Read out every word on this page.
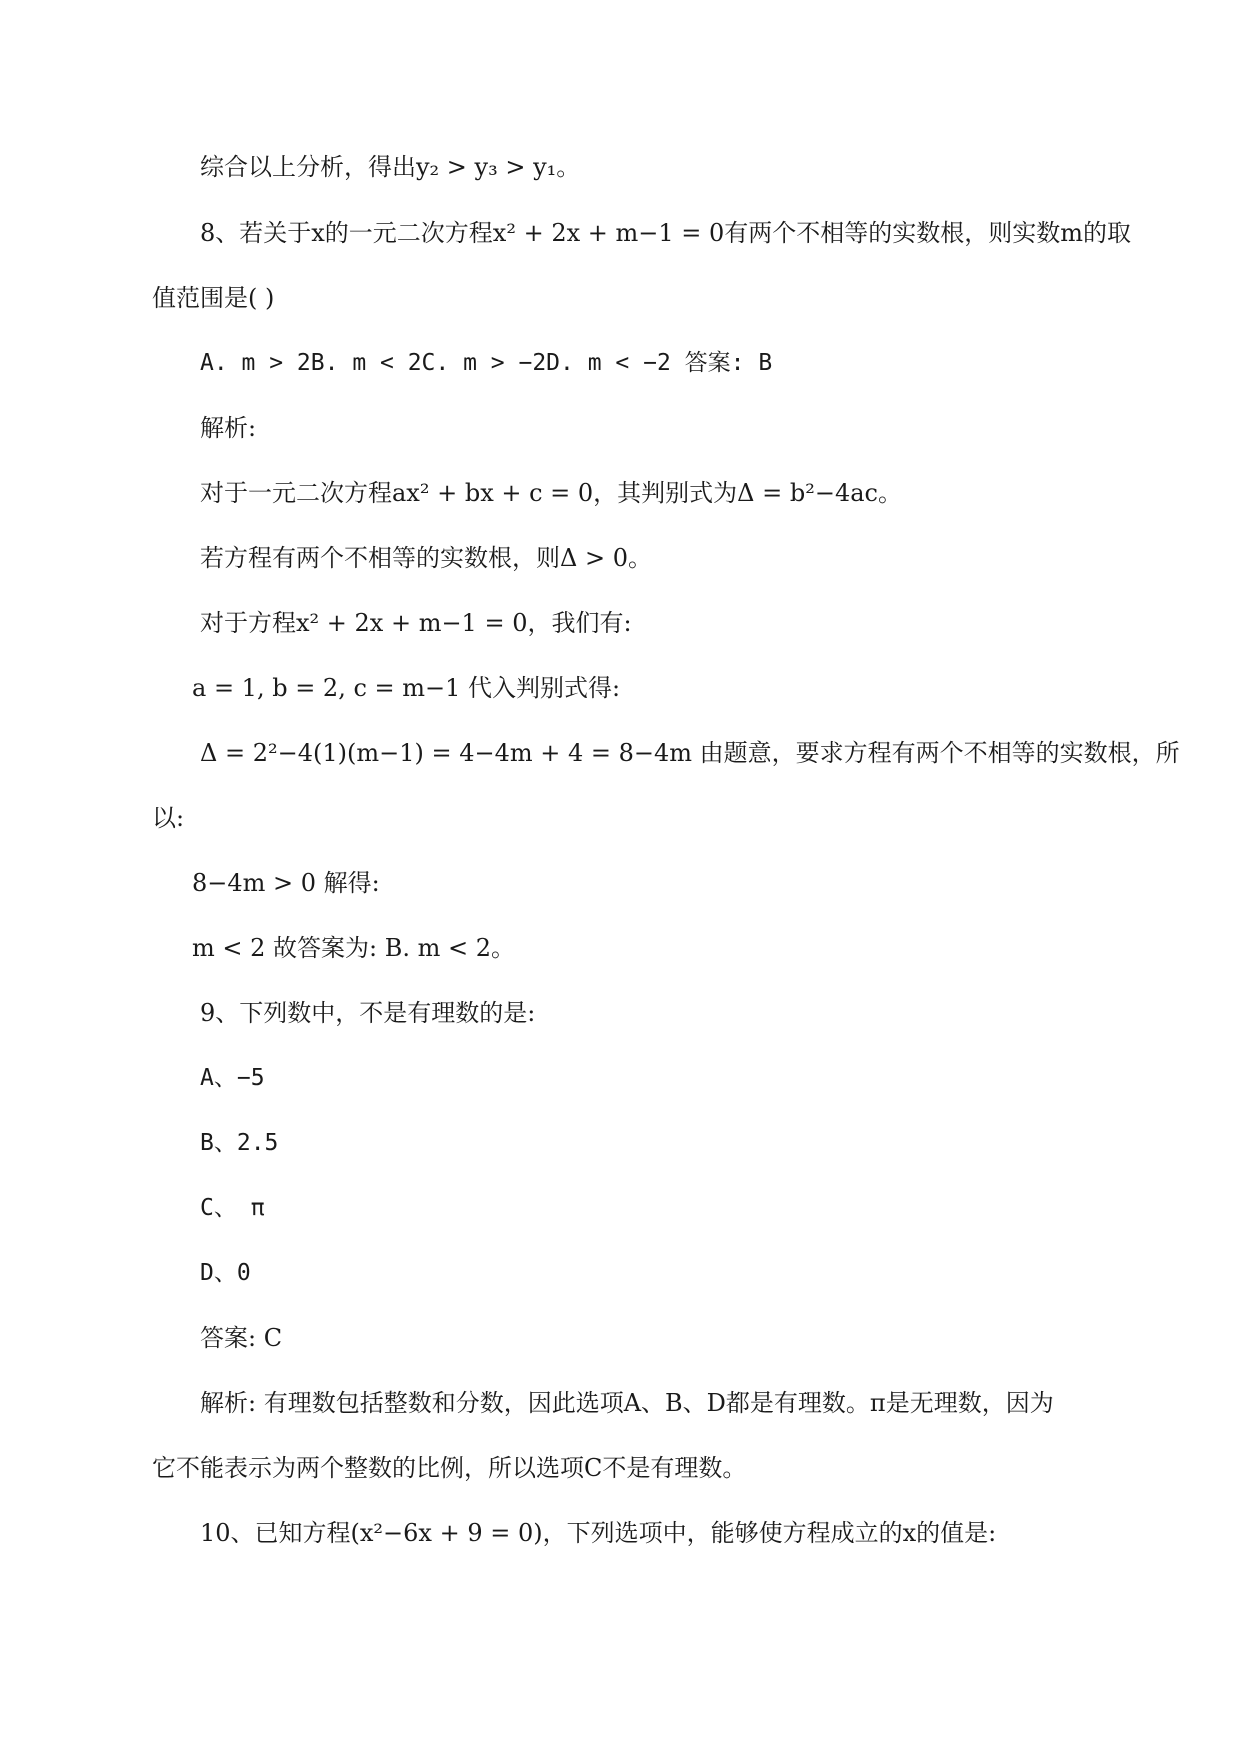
综合以上分析，得出y₂ > y₃ > y₁。
8、若关于x的一元二次方程x² + 2x + m−1 = 0有两个不相等的实数根，则实数m的取
值范围是( )
A. m > 2B. m < 2C. m > −2D. m < −2 答案: B
解析:
对于一元二次方程ax² + bx + c = 0，其判别式为Δ = b²−4ac。
若方程有两个不相等的实数根，则Δ > 0。
对于方程x² + 2x + m−1 = 0，我们有:
a = 1, b = 2, c = m−1 代入判别式得:
Δ = 2²−4(1)(m−1) = 4−4m + 4 = 8−4m 由题意，要求方程有两个不相等的实数根，所
以:
8−4m > 0 解得:
m < 2 故答案为: B. m < 2。
9、下列数中，不是有理数的是:
A、−5
B、2.5
C、 π
D、0
答案: C
解析: 有理数包括整数和分数，因此选项A、B、D都是有理数。π是无理数，因为
它不能表示为两个整数的比例，所以选项C不是有理数。
10、已知方程(x²−6x + 9 = 0)，下列选项中，能够使方程成立的x的值是:
